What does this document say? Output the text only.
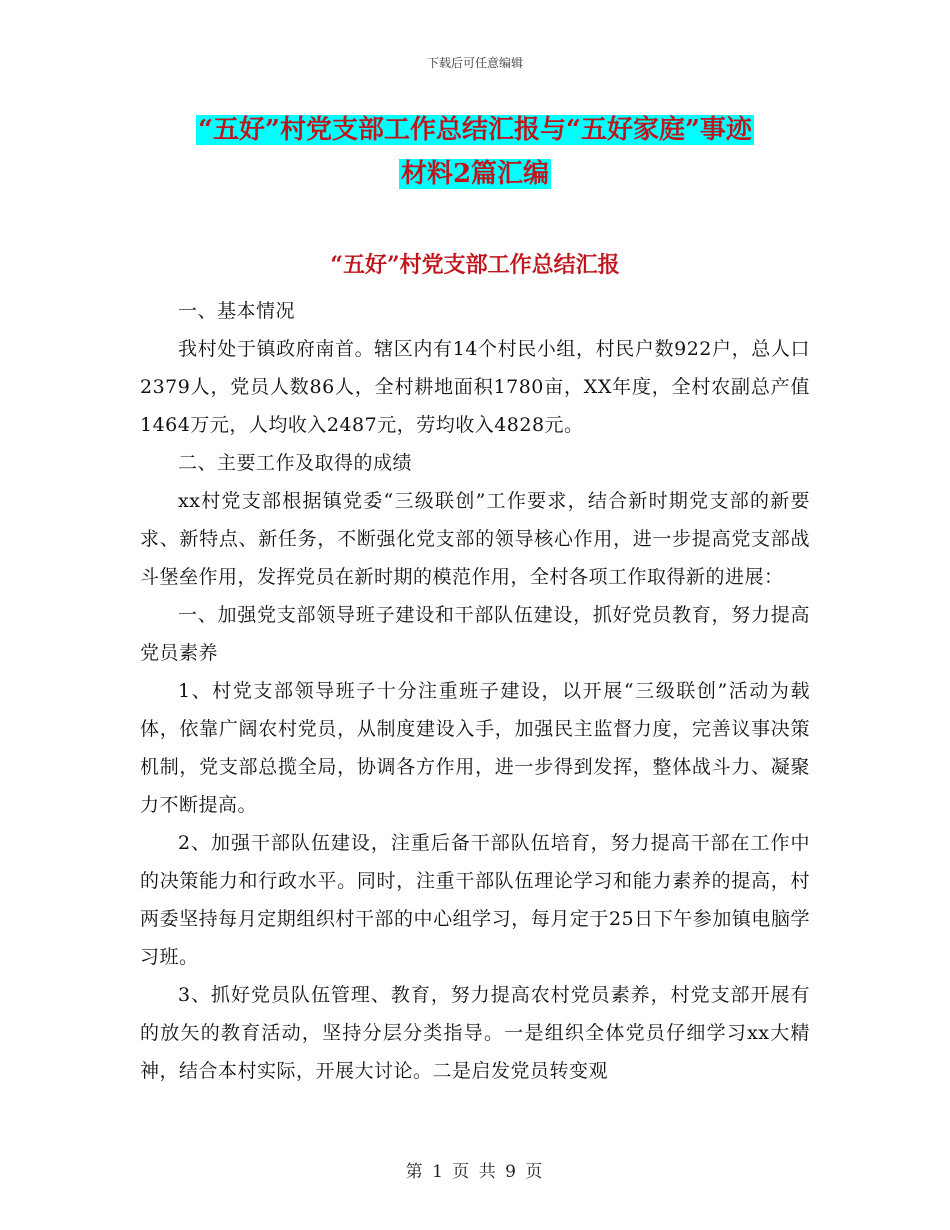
下载后可任意编辑
“五好”村党支部工作总结汇报与“五好家庭”事迹
材料2篇汇编
“五好”村党支部工作总结汇报

一、基本情况

我村处于镇政府南首。辖区内有14个村民小组，村民户数922户，总人口2379人，党员人数86人，全村耕地面积1780亩，XX年度，全村农副总产值1464万元，人均收入2487元，劳均收入4828元。

二、主要工作及取得的成绩

xx村党支部根据镇党委“三级联创”工作要求，结合新时期党支部的新要求、新特点、新任务，不断强化党支部的领导核心作用，进一步提高党支部战斗堡垒作用，发挥党员在新时期的模范作用，全村各项工作取得新的进展：

一、加强党支部领导班子建设和干部队伍建设，抓好党员教育，努力提高党员素养

1、村党支部领导班子十分注重班子建设，以开展“三级联创”活动为载体，依靠广阔农村党员，从制度建设入手，加强民主监督力度，完善议事决策机制，党支部总揽全局，协调各方作用，进一步得到发挥，整体战斗力、凝聚力不断提高。

2、加强干部队伍建设，注重后备干部队伍培育，努力提高干部在工作中的决策能力和行政水平。同时，注重干部队伍理论学习和能力素养的提高，村两委坚持每月定期组织村干部的中心组学习，每月定于25日下午参加镇电脑学习班。

3、抓好党员队伍管理、教育，努力提高农村党员素养，村党支部开展有的放矢的教育活动，坚持分层分类指导。一是组织全体党员仔细学习xx大精神，结合本村实际，开展大讨论。二是启发党员转变观

第 1 页 共 9 页
